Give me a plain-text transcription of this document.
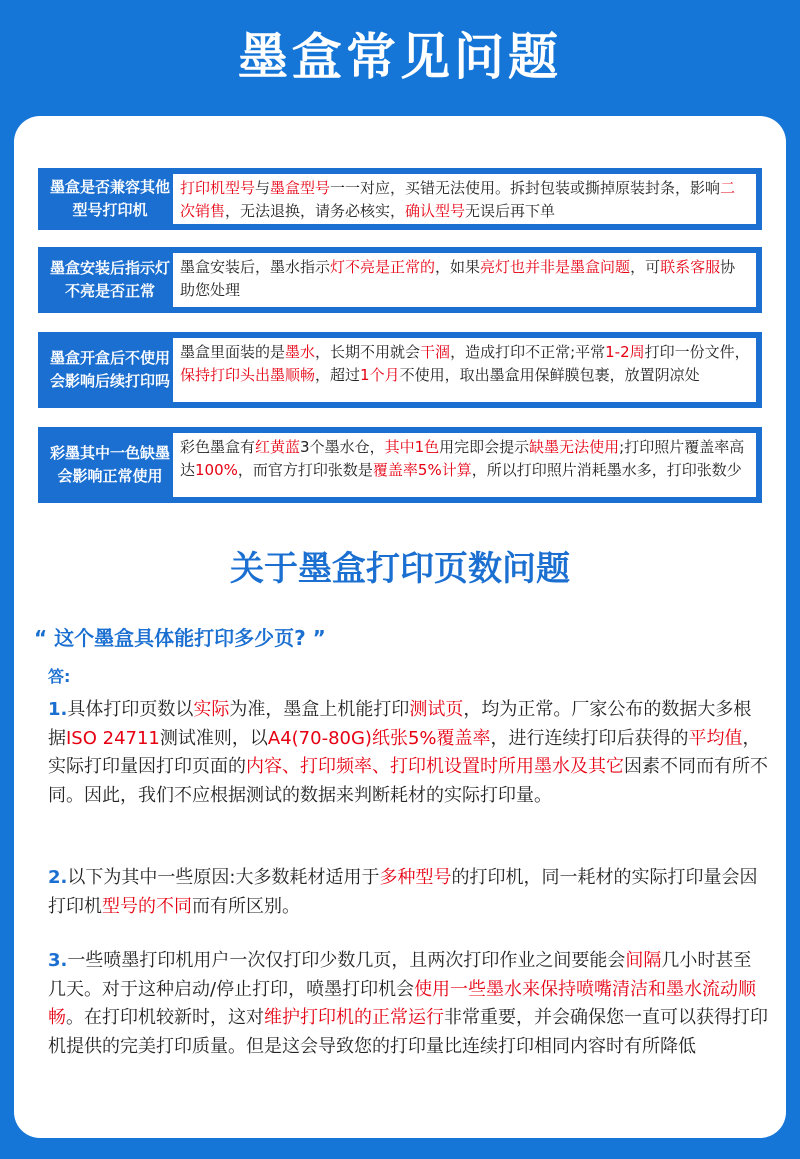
墨盒常见问题
墨盒是否兼容其他型号打印机
打印机型号与墨盒型号一一对应，买错无法使用。拆封包装或撕掉原装封条，影响二次销售，无法退换，请务必核实，确认型号无误后再下单
墨盒安装后指示灯不亮是否正常
墨盒安装后，墨水指示灯不亮是正常的，如果亮灯也并非是墨盒问题，可联系客服协助您处理
墨盒开盒后不使用会影响后续打印吗
墨盒里面装的是墨水，长期不用就会干涸，造成打印不正常;平常1-2周打印一份文件，保持打印头出墨顺畅，超过1个月不使用，取出墨盒用保鲜膜包裹，放置阴凉处
彩墨其中一色缺墨会影响正常使用
彩色墨盒有红黄蓝3个墨水仓，其中1色用完即会提示缺墨无法使用;打印照片覆盖率高达100%，而官方打印张数是覆盖率5%计算，所以打印照片消耗墨水多，打印张数少
关于墨盒打印页数问题
“ 这个墨盒具体能打印多少页? ”
答:
1.具体打印页数以实际为准，墨盒上机能打印测试页，均为正常。厂家公布的数据大多根据ISO 24711测试准则，以A4(70-80G)纸张5%覆盖率，进行连续打印后获得的平均值，实际打印量因打印页面的内容、打印频率、打印机设置时所用墨水及其它因素不同而有所不同。因此，我们不应根据测试的数据来判断耗材的实际打印量。
2.以下为其中一些原因:大多数耗材适用于多种型号的打印机，同一耗材的实际打印量会因打印机型号的不同而有所区别。
3.一些喷墨打印机用户一次仅打印少数几页，且两次打印作业之间要能会间隔几小时甚至几天。对于这种启动/停止打印，喷墨打印机会使用一些墨水来保持喷嘴清洁和墨水流动顺畅。在打印机较新时，这对维护打印机的正常运行非常重要，并会确保您一直可以获得打印机提供的完美打印质量。但是这会导致您的打印量比连续打印相同内容时有所降低
